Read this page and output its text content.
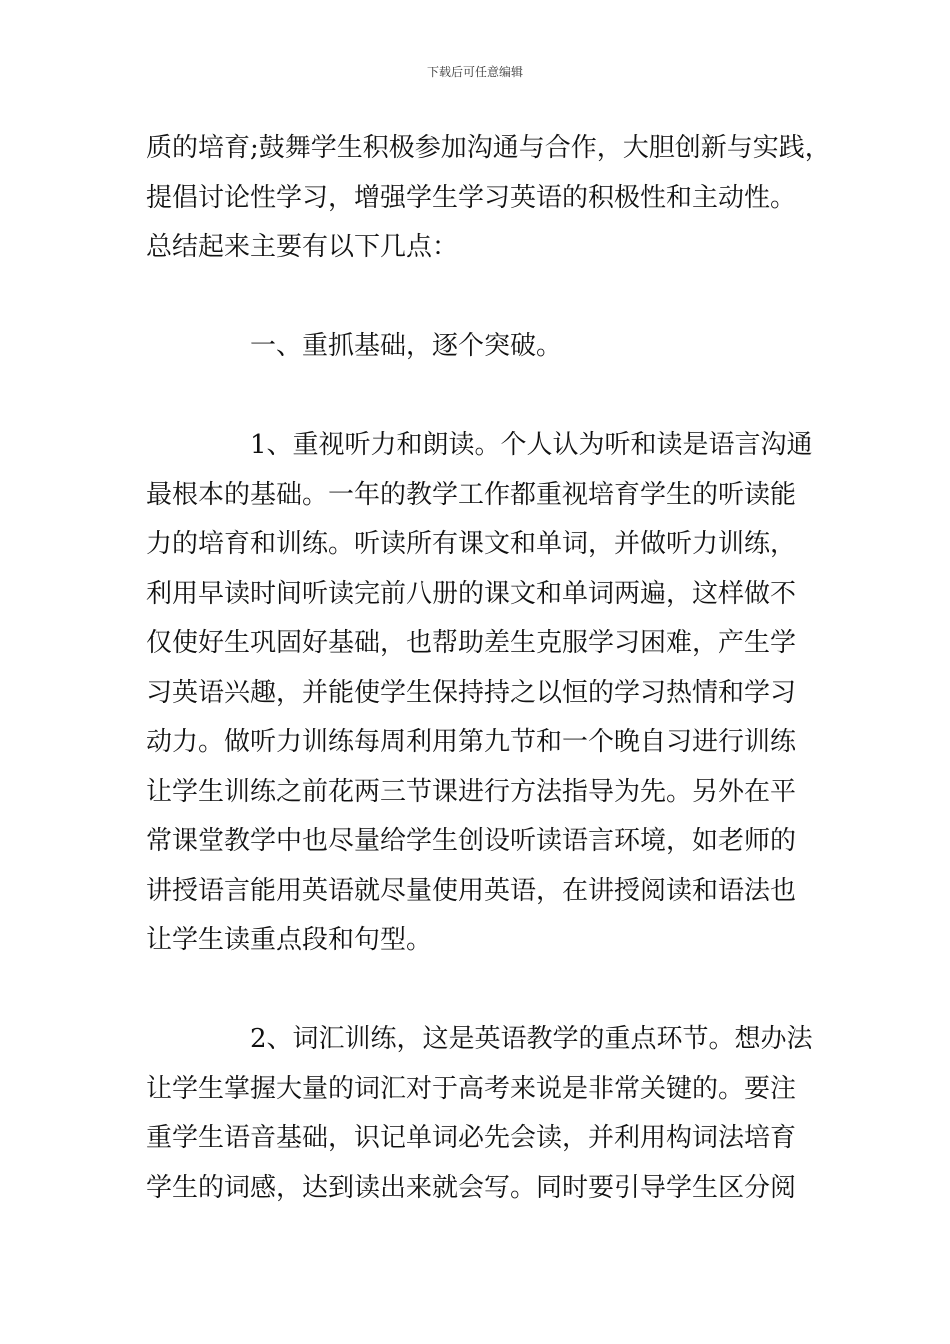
下载后可任意编辑

质的培育;鼓舞学生积极参加沟通与合作，大胆创新与实践，

提倡讨论性学习，增强学生学习英语的积极性和主动性。

总结起来主要有以下几点：

一、重抓基础，逐个突破。

1、重视听力和朗读。个人认为听和读是语言沟通

最根本的基础。一年的教学工作都重视培育学生的听读能

力的培育和训练。听读所有课文和单词，并做听力训练，

利用早读时间听读完前八册的课文和单词两遍，这样做不

仅使好生巩固好基础，也帮助差生克服学习困难，产生学

习英语兴趣，并能使学生保持持之以恒的学习热情和学习

动力。做听力训练每周利用第九节和一个晚自习进行训练

让学生训练之前花两三节课进行方法指导为先。另外在平

常课堂教学中也尽量给学生创设听读语言环境，如老师的

讲授语言能用英语就尽量使用英语，在讲授阅读和语法也

让学生读重点段和句型。

2、词汇训练，这是英语教学的重点环节。想办法

让学生掌握大量的词汇对于高考来说是非常关键的。要注

重学生语音基础，识记单词必先会读，并利用构词法培育

学生的词感，达到读出来就会写。同时要引导学生区分阅
